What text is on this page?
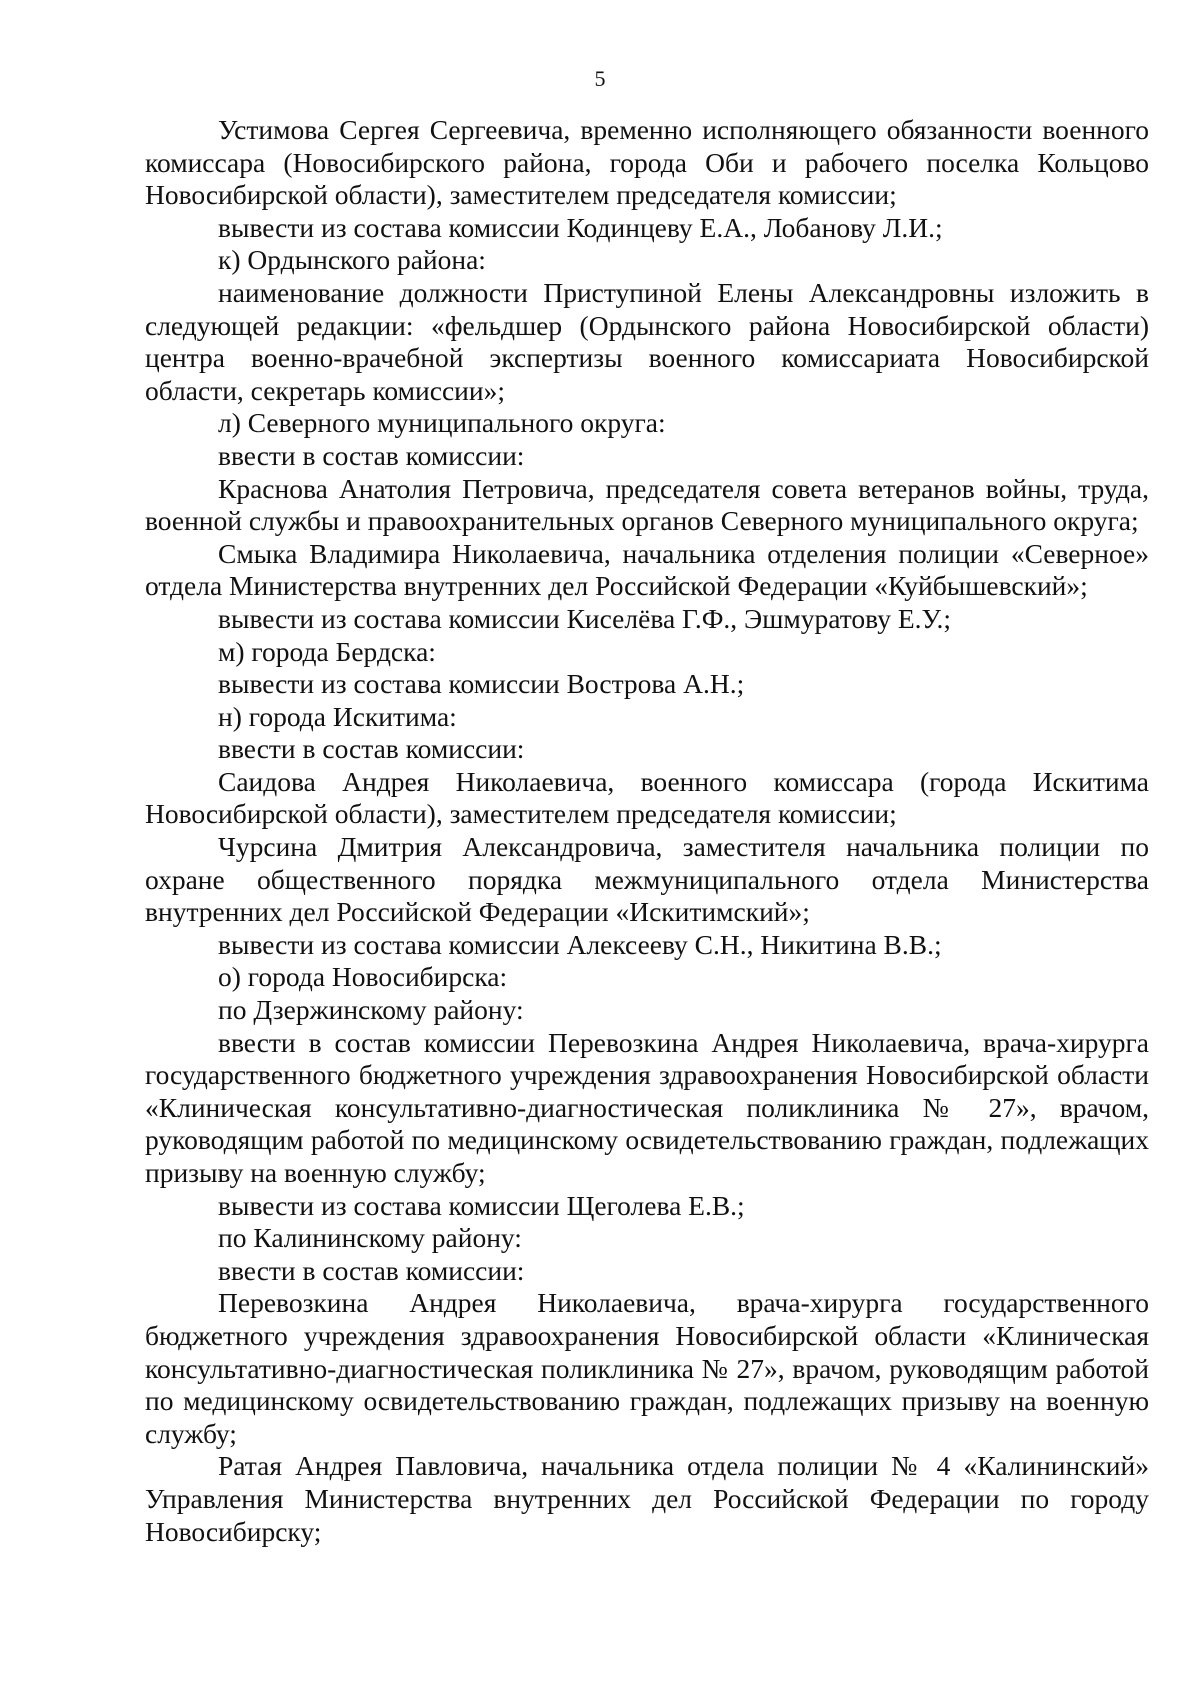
5

Устимова Сергея Сергеевича, временно исполняющего обязанности военного комиссара (Новосибирского района, города Оби и рабочего поселка Кольцово Новосибирской области), заместителем председателя комиссии;

вывести из состава комиссии Кодинцеву Е.А., Лобанову Л.И.;

к) Ордынского района:

наименование должности Приступиной Елены Александровны изложить в следующей редакции: «фельдшер (Ордынского района Новосибирской области) центра военно-врачебной экспертизы военного комиссариата Новосибирской области, секретарь комиссии»;

л) Северного муниципального округа:

ввести в состав комиссии:

Краснова Анатолия Петровича, председателя совета ветеранов войны, труда, военной службы и правоохранительных органов Северного муниципального округа;

Смыка Владимира Николаевича, начальника отделения полиции «Северное» отдела Министерства внутренних дел Российской Федерации «Куйбышевский»;

вывести из состава комиссии Киселёва Г.Ф., Эшмуратову Е.У.;

м) города Бердска:

вывести из состава комиссии Вострова А.Н.;

н) города Искитима:

ввести в состав комиссии:

Саидова Андрея Николаевича, военного комиссара (города Искитима Новосибирской области), заместителем председателя комиссии;

Чурсина Дмитрия Александровича, заместителя начальника полиции по охране общественного порядка межмуниципального отдела Министерства внутренних дел Российской Федерации «Искитимский»;

вывести из состава комиссии Алексееву С.Н., Никитина В.В.;

о) города Новосибирска:

по Дзержинскому району:

ввести в состав комиссии Перевозкина Андрея Николаевича, врача-хирурга государственного бюджетного учреждения здравоохранения Новосибирской области «Клиническая консультативно-диагностическая поликлиника № 27», врачом, руководящим работой по медицинскому освидетельствованию граждан, подлежащих призыву на военную службу;

вывести из состава комиссии Щеголева Е.В.;

по Калининскому району:

ввести в состав комиссии:

Перевозкина Андрея Николаевича, врача-хирурга государственного бюджетного учреждения здравоохранения Новосибирской области «Клиническая консультативно-диагностическая поликлиника № 27», врачом, руководящим работой по медицинскому освидетельствованию граждан, подлежащих призыву на военную службу;

Ратая Андрея Павловича, начальника отдела полиции № 4 «Калининский» Управления Министерства внутренних дел Российской Федерации по городу Новосибирску;
